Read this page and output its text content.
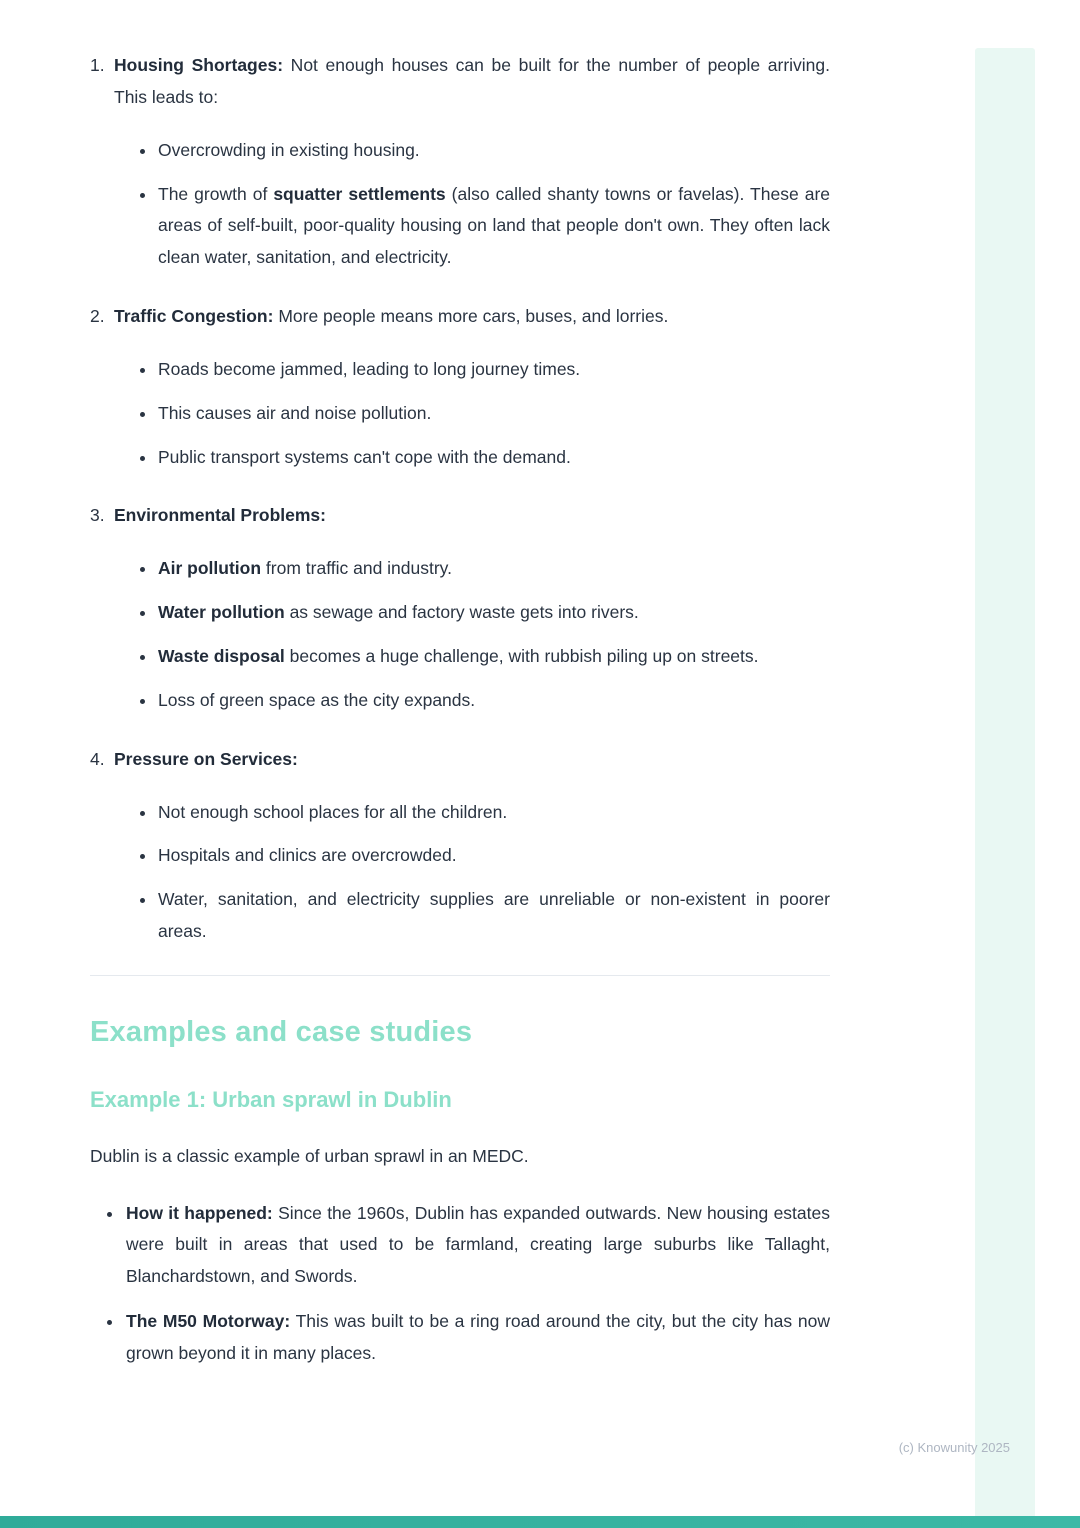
1. Housing Shortages: Not enough houses can be built for the number of people arriving. This leads to:

• Overcrowding in existing housing.
• The growth of squatter settlements (also called shanty towns or favelas). These are areas of self-built, poor-quality housing on land that people don't own. They often lack clean water, sanitation, and electricity.

2. Traffic Congestion: More people means more cars, buses, and lorries.

• Roads become jammed, leading to long journey times.
• This causes air and noise pollution.
• Public transport systems can't cope with the demand.

3. Environmental Problems:

• Air pollution from traffic and industry.
• Water pollution as sewage and factory waste gets into rivers.
• Waste disposal becomes a huge challenge, with rubbish piling up on streets.
• Loss of green space as the city expands.

4. Pressure on Services:

• Not enough school places for all the children.
• Hospitals and clinics are overcrowded.
• Water, sanitation, and electricity supplies are unreliable or non-existent in poorer areas.
Examples and case studies
Example 1: Urban sprawl in Dublin

Dublin is a classic example of urban sprawl in an MEDC.

• How it happened: Since the 1960s, Dublin has expanded outwards. New housing estates were built in areas that used to be farmland, creating large suburbs like Tallaght, Blanchardstown, and Swords.
• The M50 Motorway: This was built to be a ring road around the city, but the city has now grown beyond it in many places.
(c) Knowunity 2025
